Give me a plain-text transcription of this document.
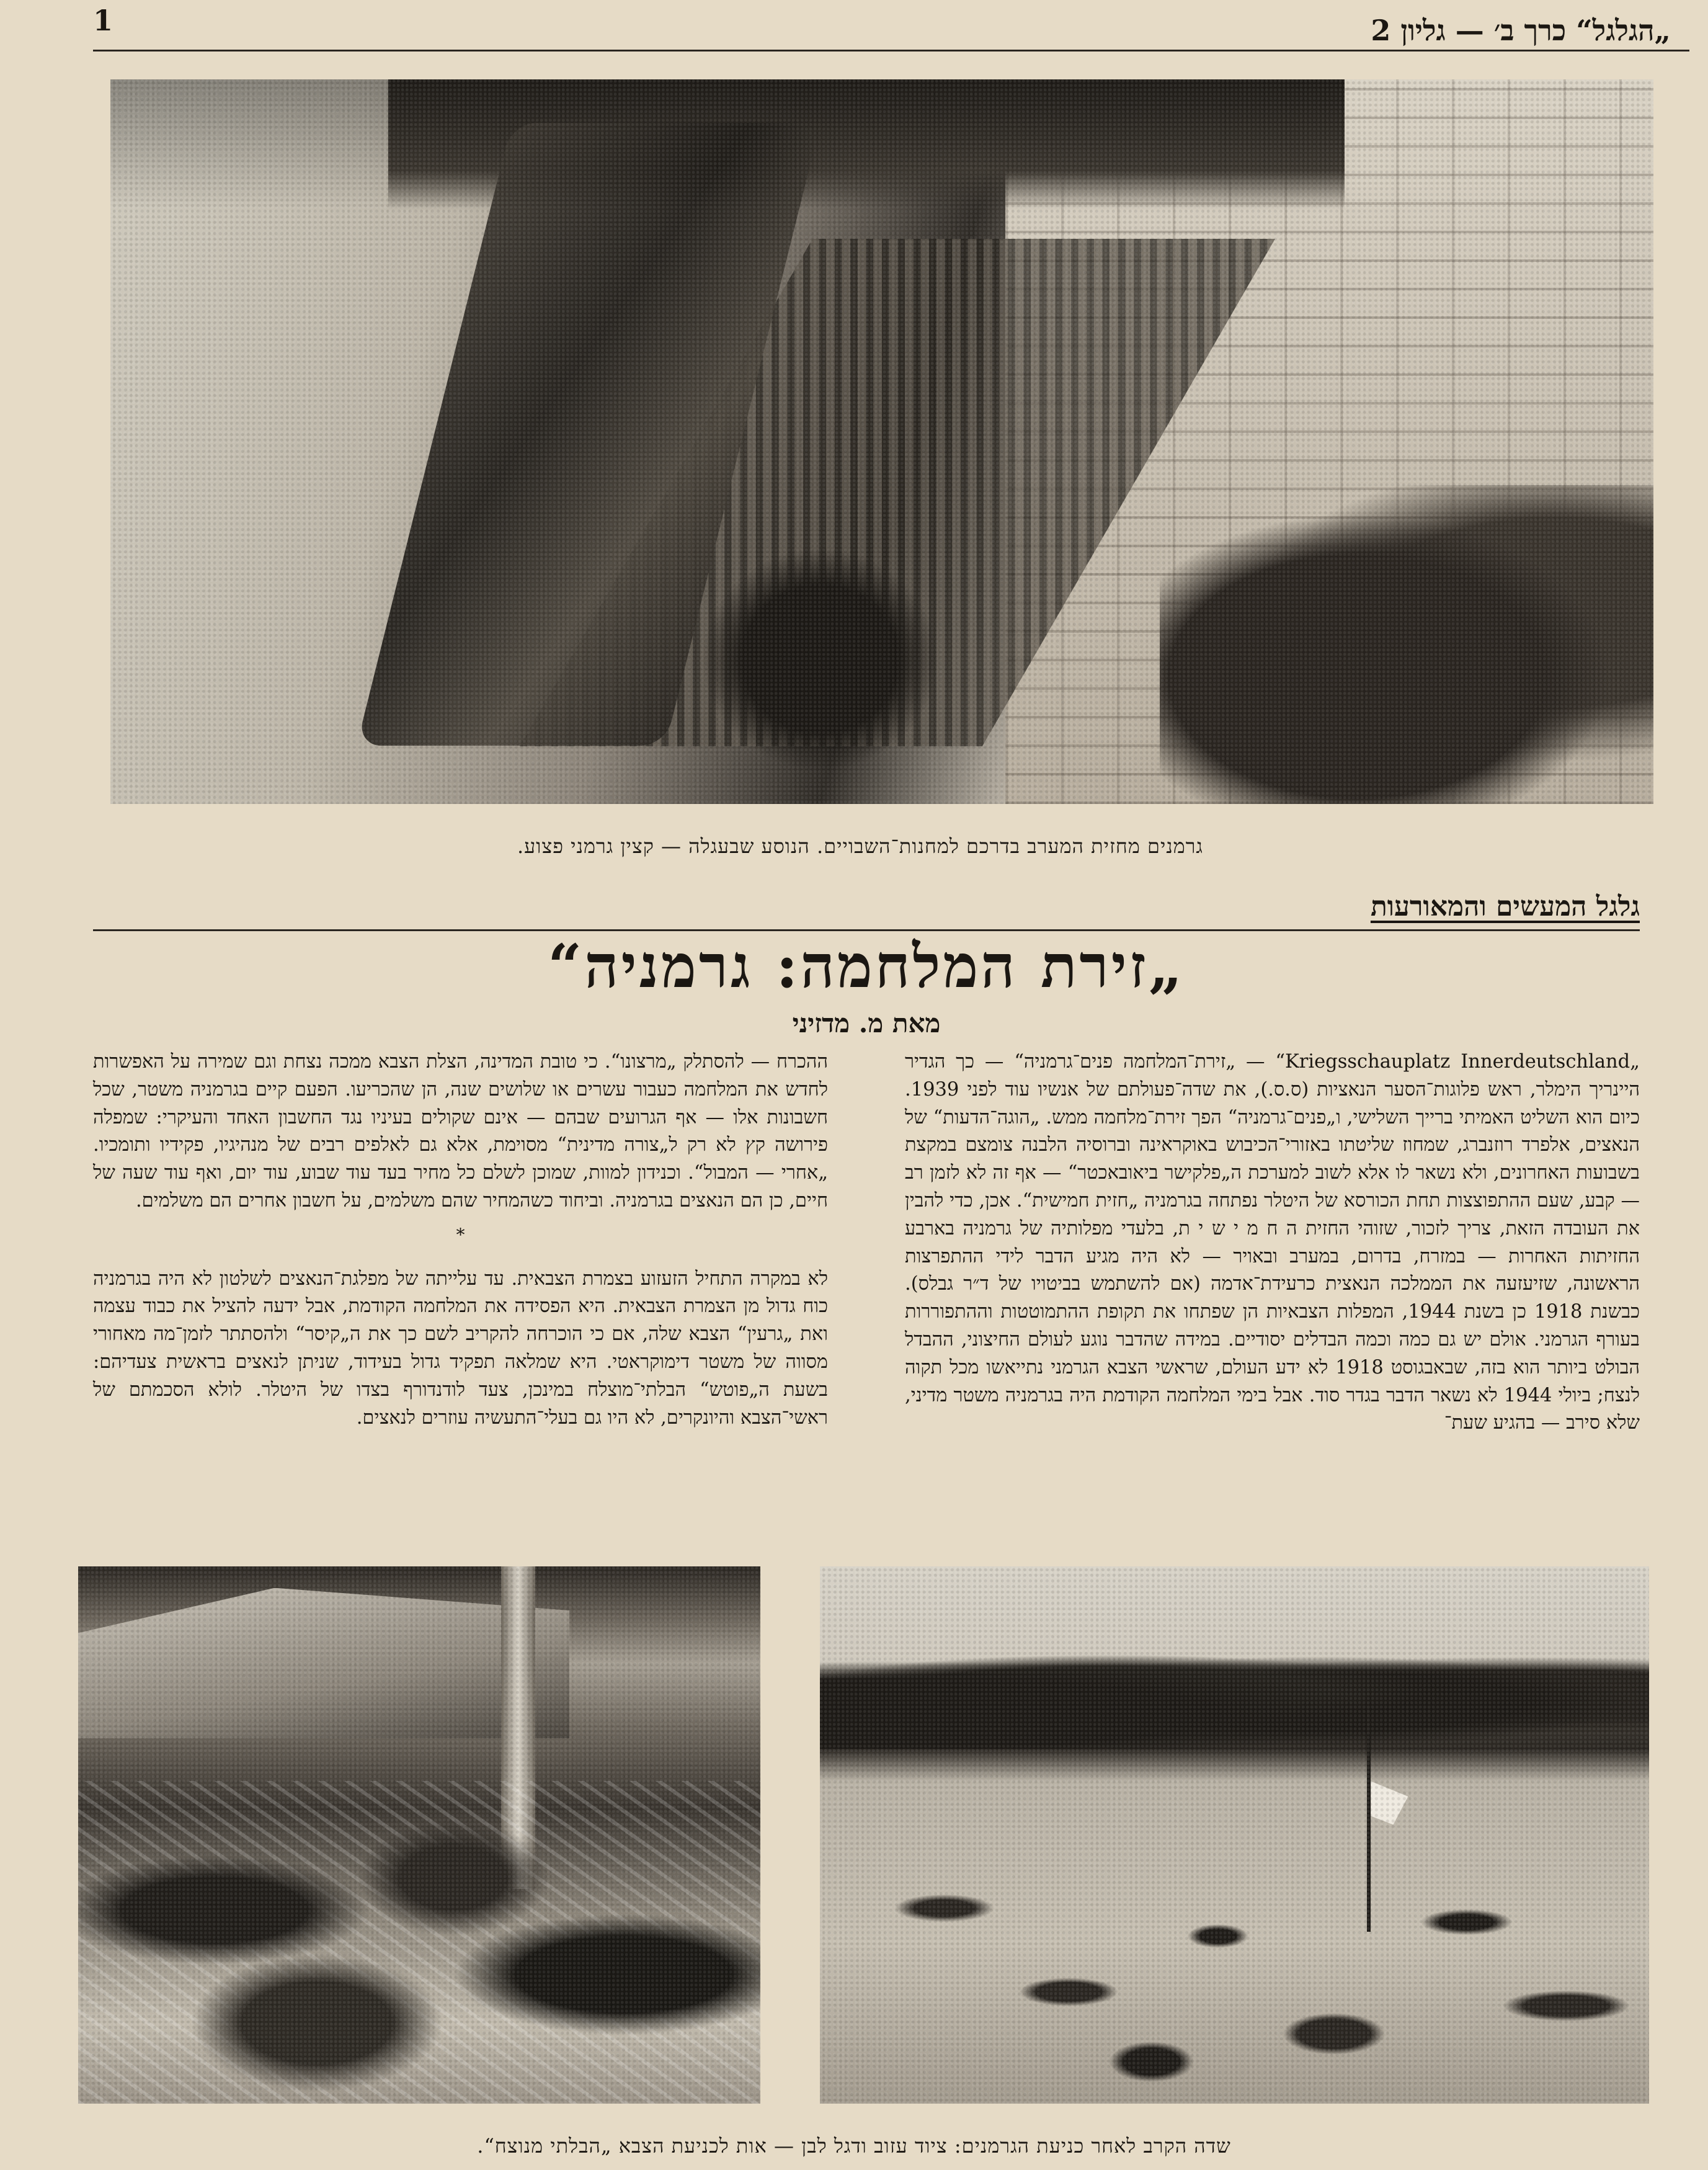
1	„הגלגל“ כרך ב׳ — גליון 2
גרמנים מחזית המערב בדרכם למחנות־השבויים. הנוסע שבעגלה — קצין גרמני פצוע.
גלגל המעשים והמאורעות
„זירת המלחמה: גרמניה“
מאת מ. מדזיני

„Kriegsschauplatz Innerdeutschland“ — „זירת־המלחמה פנים־גרמניה“ — כך הגדיר היינריך הימלר, ראש פלוגות־הסער הנאציות (ס.ס.), את שדה־פעולתם של אנשיו עוד לפני 1939. כיום הוא השליט האמיתי ברייך השלישי, ו„פנים־גרמניה“ הפך זירת־מלחמה ממש. „הוגה־הדעות“ של הנאצים, אלפרד רוזנברג, שמחוז שליטתו באזורי־הכיבוש באוקראינה וברוסיה הלבנה צומצם במקצת בשבועות האחרונים, ולא נשאר לו אלא לשוב למערכת ה„פלקישר ביאובאכטר“ — אף זה לא לזמן רב — קבע, שעם ההתפוצצות תחת הכורסא של היטלר נפתחה בגרמניה „חזית חמישית“. אכן, כדי להבין את העובדה הזאת, צריך לזכור, שזוהי החזית ה ח מ י ש י ת, בלעדי מפלותיה של גרמניה בארבע החזיתות האחרות — במזרח, בדרום, במערב ובאויר — לא היה מגיע הדבר לידי ההתפרצות הראשונה, שזיעזעה את הממלכה הנאצית כרעידת־אדמה (אם להשתמש בביטויו של ד״ר גבלס). כבשנת 1918 כן בשנת 1944, המפלות הצבאיות הן שפתחו את תקופת ההתמוטטות וההתפוררות בעורף הגרמני. אולם יש גם כמה וכמה הבדלים יסודיים. במידה שהדבר נוגע לעולם החיצוני, ההבדל הבולט ביותר הוא בזה, שבאבגוסט 1918 לא ידע העולם, שראשי הצבא הגרמני נתייאשו מכל תקוה לנצח; ביולי 1944 לא נשאר הדבר בגדר סוד. אבל בימי המלחמה הקודמת היה בגרמניה משטר מדיני, שלא סירב — בהגיע שעת־

ההכרח — להסתלק „מרצונו“. כי טובת המדינה, הצלת הצבא ממכה נצחת וגם שמירה על האפשרות לחדש את המלחמה כעבור עשרים או שלושים שנה, הן שהכריעו. הפעם קיים בגרמניה משטר, שכל חשבונות אלו — אף הגרועים שבהם — אינם שקולים בעיניו נגד החשבון האחד והעיקרי: שמפלה פירושה קץ לא רק ל„צורה מדינית“ מסוימת, אלא גם לאלפים רבים של מנהיגיו, פקידיו ותומכיו. „אחרי — המבול“. וכנידון למוות, שמוכן לשלם כל מחיר בעד עוד שבוע, עוד יום, ואף עוד שעה של חיים, כן הם הנאצים בגרמניה. וביחוד כשהמחיר שהם משלמים, על חשבון אחרים הם משלמים.

*

לא במקרה התחיל הזעזוע בצמרת הצבאית. עד עלייתה של מפלגת־הנאצים לשלטון לא היה בגרמניה כוח גדול מן הצמרת הצבאית. היא הפסידה את המלחמה הקודמת, אבל ידעה להציל את כבוד עצמה ואת „גרעין“ הצבא שלה, אם כי הוכרחה להקריב לשם כך את ה„קיסר“ ולהסתתר לזמן־מה מאחורי מסווה של משטר דימוקראטי. היא שמלאה תפקיד גדול בעידוד, שניתן לנאצים בראשית צעדיהם: בשעת ה„פוטש“ הבלתי־מוצלח במינכן, צעד לודנדורף בצדו של היטלר. לולא הסכמתם של ראשי־הצבא והיונקרים, לא היו גם בעלי־התעשיה עוזרים לנאצים.

שדה הקרב לאחר כניעת הגרמנים: ציוד עזוב ודגל לבן — אות לכניעת הצבא „הבלתי מנוצח“.
